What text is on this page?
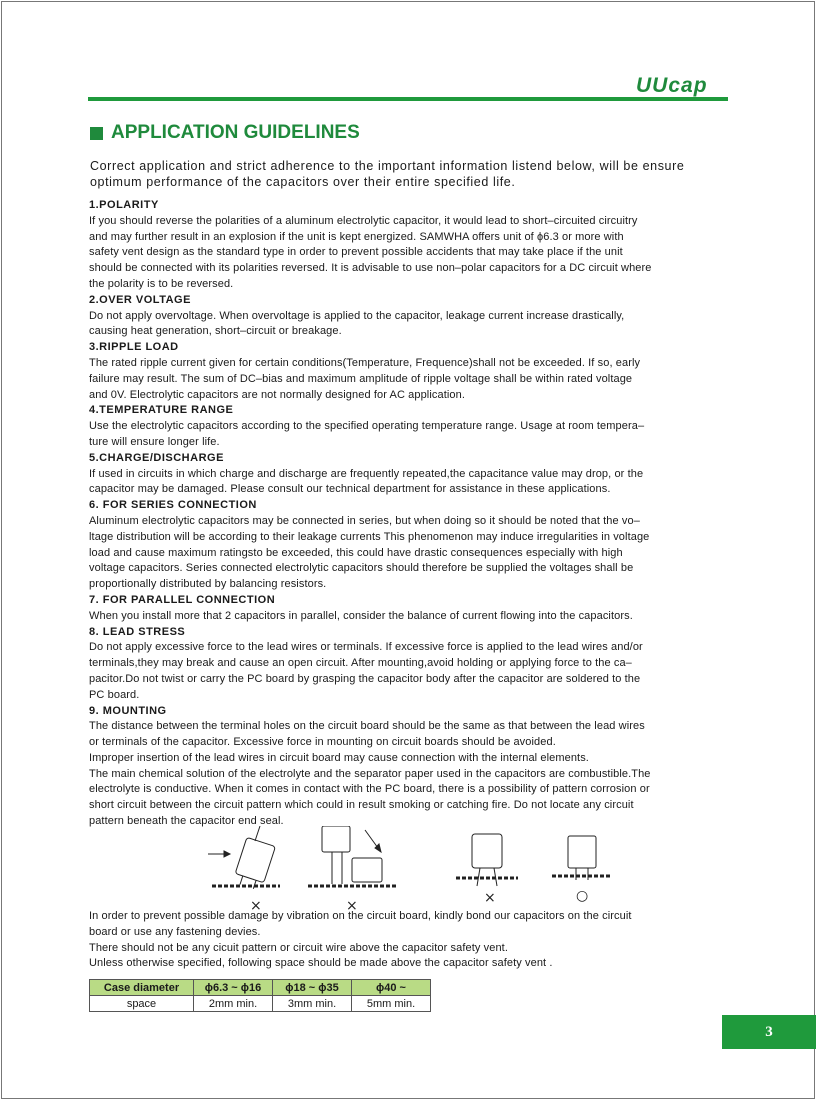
UUcap
APPLICATION GUIDELINES
Correct application and strict adherence to the important information listend below, will be ensure optimum performance of the capacitors over their entire specified life.

1.POLARITY

If you should reverse the polarities of a aluminum electrolytic capacitor, it would lead to short–circuited circuitry

and may further result in an explosion if the unit is kept energized. SAMWHA offers unit of ϕ6.3 or more with

safety vent design as the standard type in order to prevent possible accidents that may take place if the unit

should be connected with its polarities reversed. It is advisable to use non–polar capacitors for a DC circuit where

the polarity is to be reversed.

2.OVER VOLTAGE

Do not apply overvoltage. When overvoltage is applied to the capacitor, leakage current increase drastically,

causing heat generation, short–circuit or breakage.

3.RIPPLE LOAD

The rated ripple current given for certain conditions(Temperature, Frequence)shall not be exceeded. If so, early

failure may result. The sum of DC–bias and maximum amplitude of ripple voltage shall be within rated voltage

and 0V. Electrolytic capacitors are not normally designed for AC application.

4.TEMPERATURE RANGE

Use the electrolytic capacitors according to the specified operating temperature range. Usage at room tempera–

ture will ensure longer life.

5.CHARGE/DISCHARGE

If used in circuits in which charge and discharge are frequently repeated,the capacitance value may drop, or the

capacitor may be damaged. Please consult our technical department for assistance in these applications.

6. FOR SERIES CONNECTION

Aluminum electrolytic capacitors may be connected in series, but when doing so it should be noted that the vo–

ltage distribution will be according to their leakage currents This phenomenon may induce irregularities in voltage

load and cause maximum ratingsto be exceeded, this could have drastic consequences especially with high

voltage capacitors. Series connected electrolytic capacitors should therefore be supplied the voltages shall be

proportionally distributed by balancing resistors.

7. FOR PARALLEL CONNECTION

When you install more that 2 capacitors in parallel, consider the balance of current flowing into the capacitors.

8. LEAD STRESS

Do not apply excessive force to the lead wires or terminals. If excessive force is applied to the lead wires and/or

terminals,they may break and cause an open circuit. After mounting,avoid holding or applying force to the ca–

pacitor.Do not twist or carry the PC board by grasping the capacitor body after the capacitor are soldered to the

PC board.

9. MOUNTING

The distance between the terminal holes on the circuit board should be the same as that between the lead wires

or terminals of the capacitor. Excessive force in mounting on circuit boards should be avoided.

Improper insertion of the lead wires in circuit board may cause connection with the internal elements.

The main chemical solution of the electrolyte and the separator paper used in the capacitors are combustible.The

electrolyte is conductive. When it comes in contact with the PC board, there is a possibility of pattern corrosion or

short circuit between the circuit pattern which could in result smoking or catching fire. Do not locate any circuit

pattern beneath the capacitor end seal.

×	×	×	○

In order to prevent possible damage by vibration on the circuit board, kindly bond our capacitors on the circuit

board or use any fastening devies.

There should not be any cicuit pattern or circuit wire above the capacitor safety vent.

Unless otherwise specified, following space should be made above the capacitor safety vent .

Case diameter	ϕ6.3 ~ ϕ16	ϕ18 ~ ϕ35	ϕ40 ~
space	2mm min.	3mm min.	5mm min.
3
